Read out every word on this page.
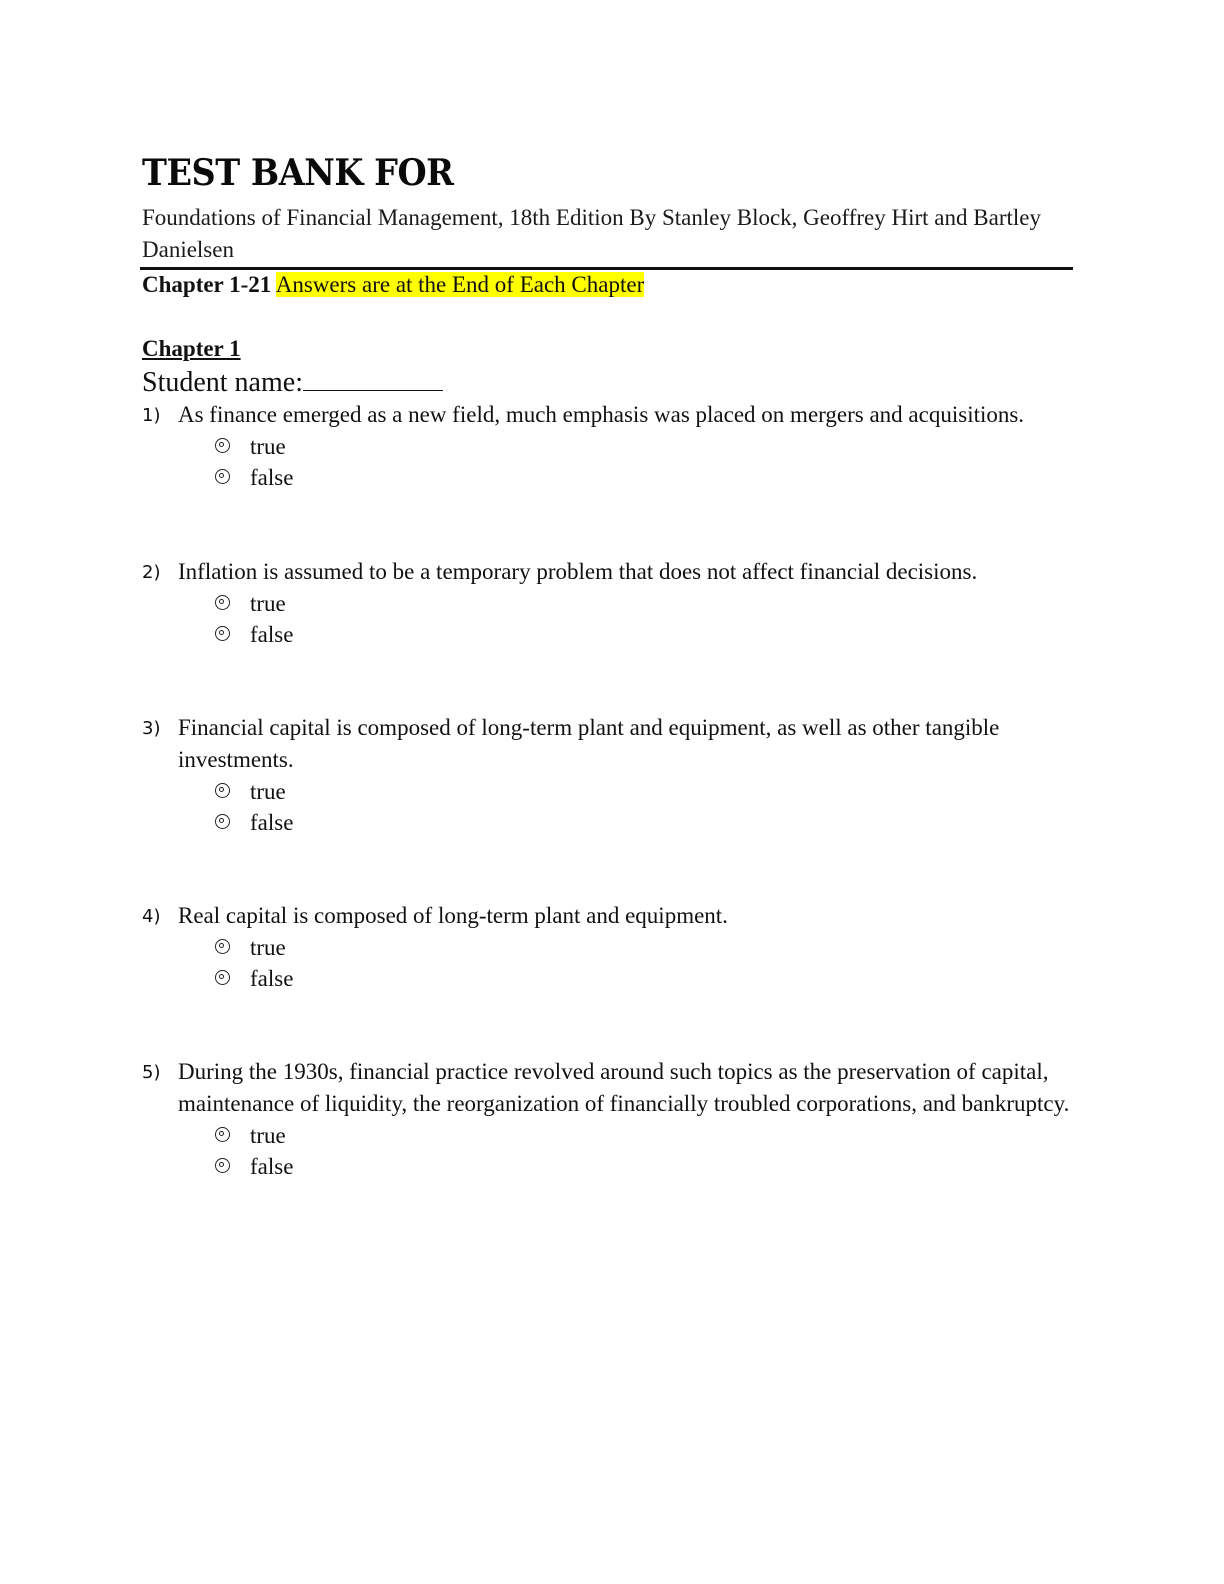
TEST BANK FOR
Foundations of Financial Management, 18th Edition By Stanley Block, Geoffrey Hirt and Bartley Danielsen
Chapter 1-21 Answers are at the End of Each Chapter
Chapter 1
Student name:
1) As finance emerged as a new field, much emphasis was placed on mergers and acquisitions.
true
false
2) Inflation is assumed to be a temporary problem that does not affect financial decisions.
true
false
3) Financial capital is composed of long-term plant and equipment, as well as other tangible investments.
true
false
4) Real capital is composed of long-term plant and equipment.
true
false
5) During the 1930s, financial practice revolved around such topics as the preservation of capital, maintenance of liquidity, the reorganization of financially troubled corporations, and bankruptcy.
true
false
